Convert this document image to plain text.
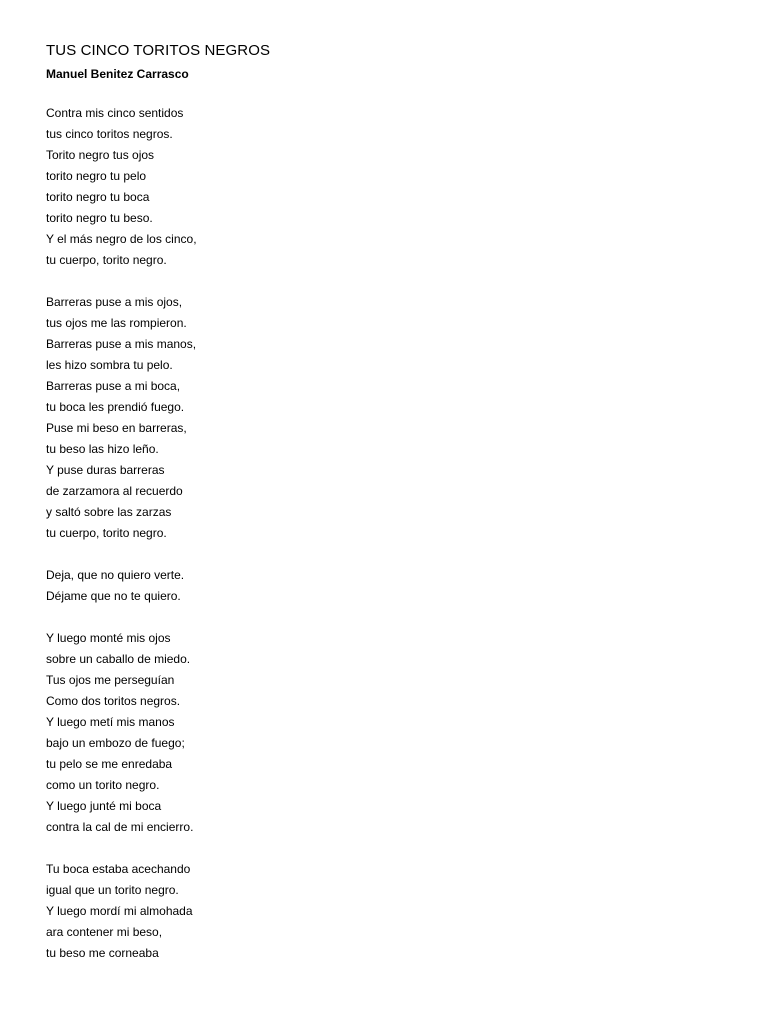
TUS CINCO TORITOS NEGROS
Manuel Benitez Carrasco
Contra mis cinco sentidos
tus cinco toritos negros.
Torito negro tus ojos
torito negro tu pelo
torito negro tu boca
torito negro tu beso.
Y el más negro de los cinco,
tu cuerpo, torito negro.
Barreras puse a mis ojos,
tus ojos me las rompieron.
Barreras puse a mis manos,
les hizo sombra tu pelo.
Barreras puse a mi boca,
tu boca les prendió fuego.
Puse mi beso en barreras,
tu beso las hizo leño.
Y puse duras barreras
de zarzamora al recuerdo
y saltó sobre las zarzas
tu cuerpo, torito negro.
Deja, que no quiero verte.
Déjame que no te quiero.
Y luego monté mis ojos
sobre un caballo de miedo.
Tus ojos me perseguían
Como dos toritos negros.
Y luego metí mis manos
bajo un embozo de fuego;
tu pelo se me enredaba
como un torito negro.
Y luego junté mi boca
contra la cal de mi encierro.
Tu boca estaba acechando
igual que un torito negro.
Y luego mordí mi almohada
ara contener mi beso,
tu beso me corneaba
